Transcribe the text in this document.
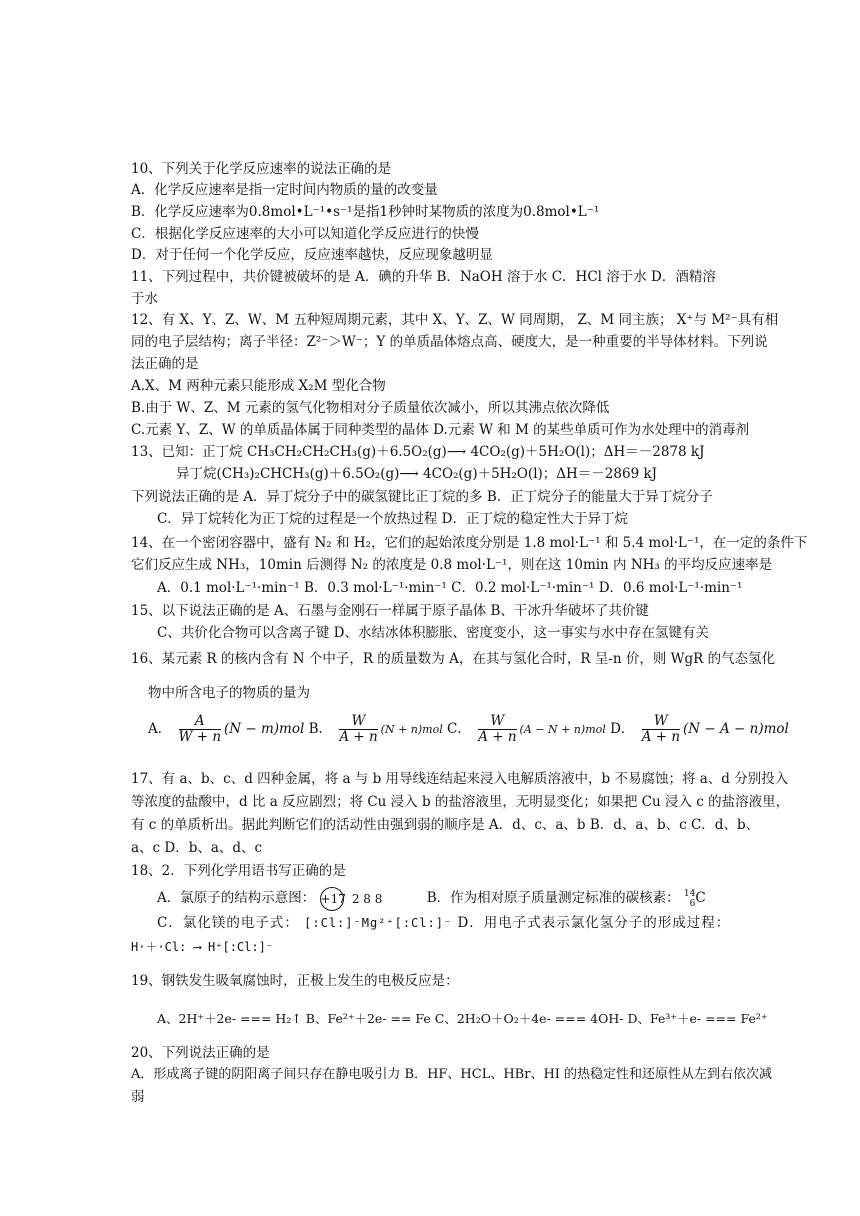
10、下列关于化学反应速率的说法正确的是
A．化学反应速率是指一定时间内物质的量的改变量
B．化学反应速率为0.8mol•L⁻¹•s⁻¹是指1秒钟时某物质的浓度为0.8mol•L⁻¹
C．根据化学反应速率的大小可以知道化学反应进行的快慢
D．对于任何一个化学反应，反应速率越快，反应现象越明显
11、下列过程中，共价键被破坏的是 A．碘的升华 B．NaOH 溶于水 C．HCl 溶于水 D．酒精溶
于水
12、有 X、Y、Z、W、M 五种短周期元素，其中 X、Y、Z、W 同周期， Z、M 同主族； X⁺与 M²⁻具有相
同的电子层结构；离子半径：Z²⁻＞W⁻；Y 的单质晶体熔点高、硬度大，是一种重要的半导体材料。下列说
法正确的是
A.X、M 两种元素只能形成 X₂M 型化合物
B.由于 W、Z、M 元素的氢气化物相对分子质量依次减小，所以其沸点依次降低
C.元素 Y、Z、W 的单质晶体属于同种类型的晶体 D.元素 W 和 M 的某些单质可作为水处理中的消毒剂
13、已知：正丁烷 CH₃CH₂CH₂CH₃(g)＋6.5O₂(g)⟶ 4CO₂(g)＋5H₂O(l)；ΔH＝－2878 kJ
异丁烷(CH₃)₂CHCH₃(g)＋6.5O₂(g)⟶ 4CO₂(g)＋5H₂O(l)；ΔH＝－2869 kJ
下列说法正确的是 A．异丁烷分子中的碳氢键比正丁烷的多 B．正丁烷分子的能量大于异丁烷分子
C．异丁烷转化为正丁烷的过程是一个放热过程 D．正丁烷的稳定性大于异丁烷
14、在一个密闭容器中，盛有 N₂ 和 H₂，它们的起始浓度分别是 1.8 mol·L⁻¹ 和 5.4 mol·L⁻¹，在一定的条件下
它们反应生成 NH₃，10min 后测得 N₂ 的浓度是 0.8 mol·L⁻¹，则在这 10min 内 NH₃ 的平均反应速率是
A．0.1 mol·L⁻¹·min⁻¹ B．0.3 mol·L⁻¹·min⁻¹ C．0.2 mol·L⁻¹·min⁻¹ D．0.6 mol·L⁻¹·min⁻¹
15、以下说法正确的是 A、石墨与金刚石一样属于原子晶体 B、干冰升华破坏了共价键
C、共价化合物可以含离子键 D、水结冰体积膨胀、密度变小，这一事实与水中存在氢键有关
16、某元素 R 的核内含有 N 个中子，R 的质量数为 A，在其与氢化合时，R 呈-n 价，则 WgR 的气态氢化
物中所含电子的物质的量为
A． $\frac{A}{W + n} (N - m)mol$ B． $\frac{W}{A + n} (N + n)mol$ C． $\frac{W}{A + n} (A - N + n)mol$ D． $\frac{W}{A + n} (N - A - n)mol$
17、有 a、b、c、d 四种金属，将 a 与 b 用导线连结起来浸入电解质溶液中，b 不易腐蚀；将 a、d 分别投入
等浓度的盐酸中，d 比 a 反应剧烈；将 Cu 浸入 b 的盐溶液里，无明显变化；如果把 Cu 浸入 c 的盐溶液里，
有 c 的单质析出。据此判断它们的活动性由强到弱的顺序是 A．d、c、a、b B．d、a、b、c C．d、b、
a、c D．b、a、d、c
18、2．下列化学用语书写正确的是
A．氯原子的结构示意图： +17 2 8 8	B．作为相对原子质量测定标准的碳核素： 14
6 C
C．氯化镁的电子式： [:Cl:]⁻Mg²⁺[:Cl:]⁻ D．用电子式表示氯化氢分子的形成过程：
H·＋·Cl: ⟶ H⁺[:Cl:]⁻
19、钢铁发生吸氧腐蚀时，正极上发生的电极反应是：
A、2H⁺＋2e- === H₂↑ B、Fe²⁺＋2e- == Fe C、2H₂O＋O₂＋4e- === 4OH- D、Fe³⁺＋e- === Fe²⁺
20、下列说法正确的是
A．形成离子键的阴阳离子间只存在静电吸引力 B．HF、HCL、HBr、HI 的热稳定性和还原性从左到右依次减
弱
